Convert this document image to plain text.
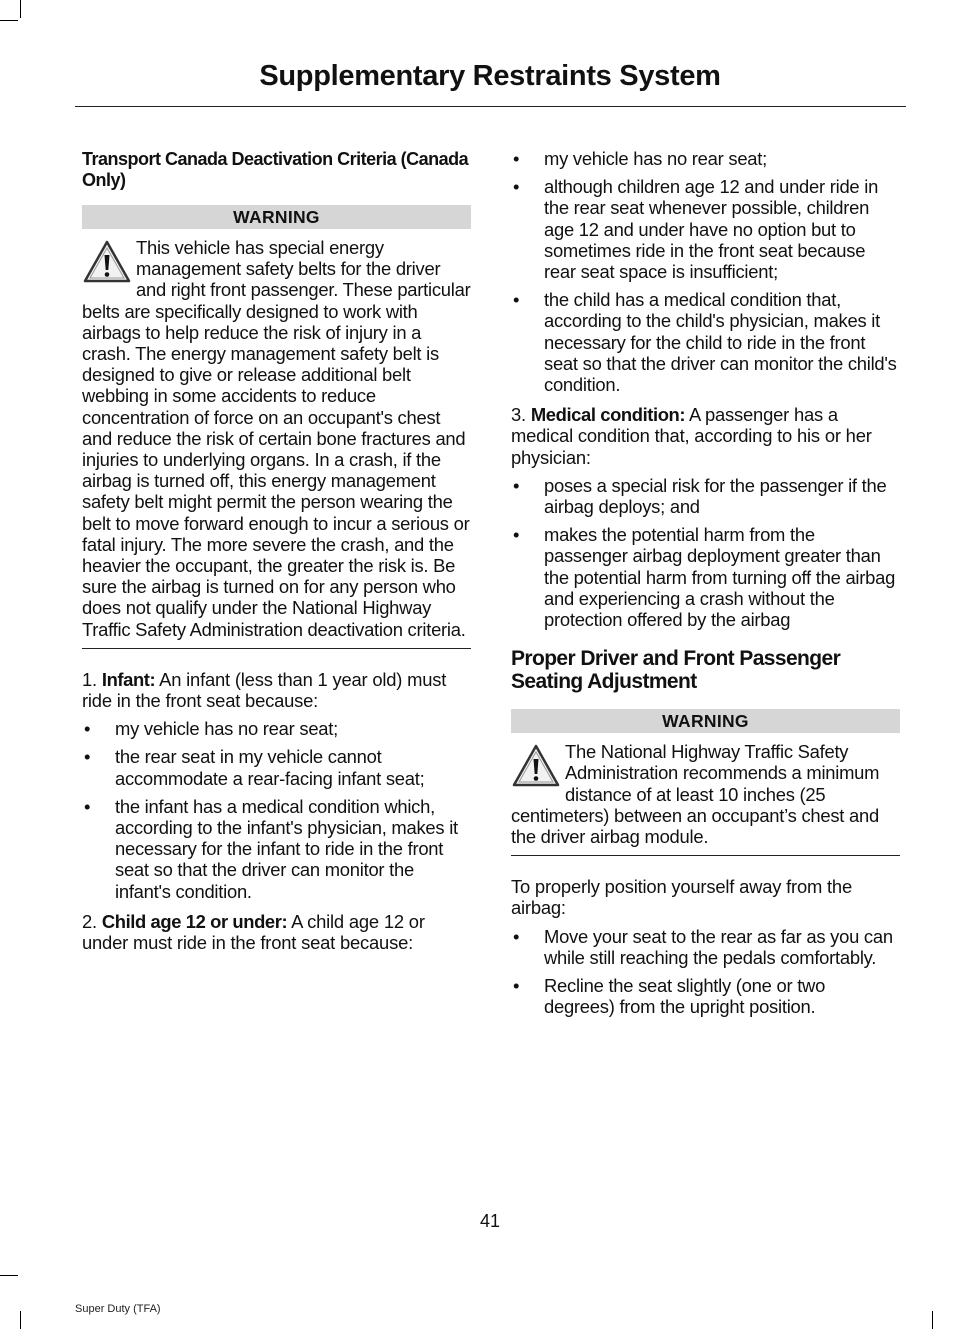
Supplementary Restraints System
Transport Canada Deactivation Criteria (Canada Only)
WARNING
This vehicle has special energy management safety belts for the driver and right front passenger. These particular belts are specifically designed to work with airbags to help reduce the risk of injury in a crash. The energy management safety belt is designed to give or release additional belt webbing in some accidents to reduce concentration of force on an occupant's chest and reduce the risk of certain bone fractures and injuries to underlying organs. In a crash, if the airbag is turned off, this energy management safety belt might permit the person wearing the belt to move forward enough to incur a serious or fatal injury. The more severe the crash, and the heavier the occupant, the greater the risk is. Be sure the airbag is turned on for any person who does not qualify under the National Highway Traffic Safety Administration deactivation criteria.
1. Infant: An infant (less than 1 year old) must ride in the front seat because:
• my vehicle has no rear seat;
• the rear seat in my vehicle cannot accommodate a rear-facing infant seat;
• the infant has a medical condition which, according to the infant's physician, makes it necessary for the infant to ride in the front seat so that the driver can monitor the infant's condition.
2. Child age 12 or under: A child age 12 or under must ride in the front seat because:
• my vehicle has no rear seat;
• although children age 12 and under ride in the rear seat whenever possible, children age 12 and under have no option but to sometimes ride in the front seat because rear seat space is insufficient;
• the child has a medical condition that, according to the child's physician, makes it necessary for the child to ride in the front seat so that the driver can monitor the child's condition.
3. Medical condition: A passenger has a medical condition that, according to his or her physician:
• poses a special risk for the passenger if the airbag deploys; and
• makes the potential harm from the passenger airbag deployment greater than the potential harm from turning off the airbag and experiencing a crash without the protection offered by the airbag
Proper Driver and Front Passenger Seating Adjustment
WARNING
The National Highway Traffic Safety Administration recommends a minimum distance of at least 10 inches (25 centimeters) between an occupant’s chest and the driver airbag module.
To properly position yourself away from the airbag:
• Move your seat to the rear as far as you can while still reaching the pedals comfortably.
• Recline the seat slightly (one or two degrees) from the upright position.
41
Super Duty (TFA)
